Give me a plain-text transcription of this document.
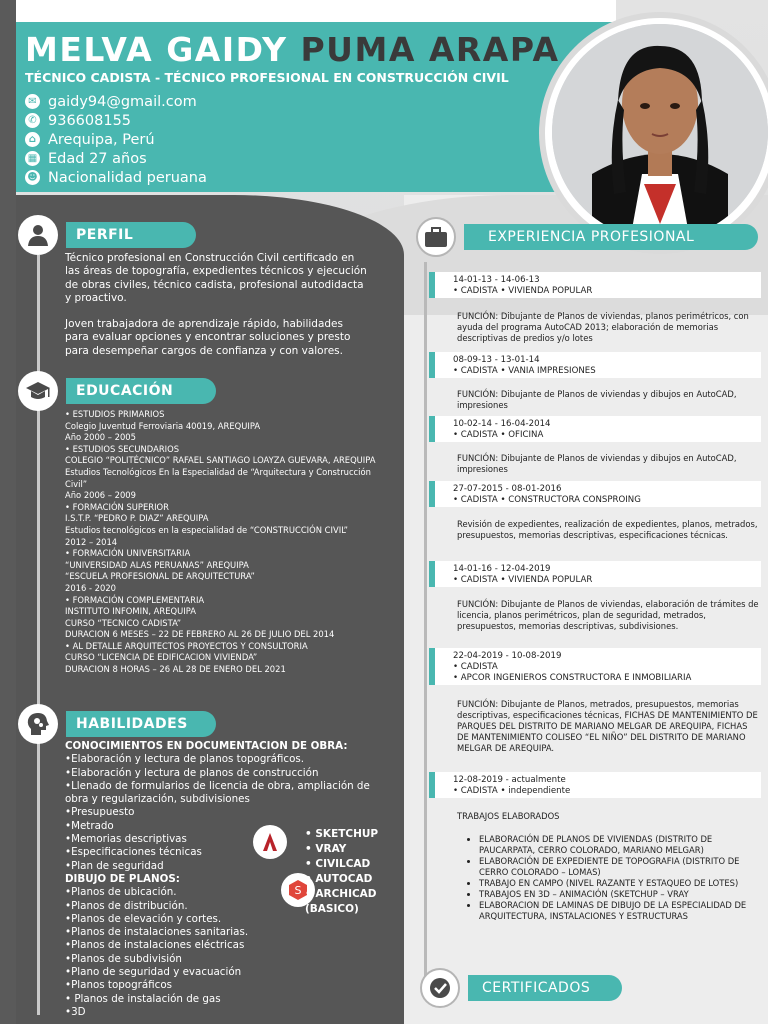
MELVA GAIDY PUMA ARAPA
TÉCNICO CADISTA - TÉCNICO PROFESIONAL EN CONSTRUCCIÓN CIVIL
✉ gaidy94@gmail.com
✆ 936608155
⌂ Arequipa, Perú
▦ Edad 27 años
☻ Nacionalidad peruana
PERFIL
Técnico profesional en Construcción Civil certificado en las áreas de topografía, expedientes técnicos y ejecución de obras civiles, técnico cadista, profesional autodidacta y proactivo.
Joven trabajadora de aprendizaje rápido, habilidades para evaluar opciones y encontrar soluciones y presto para desempeñar cargos de confianza y con valores.
EDUCACIÓN
• ESTUDIOS PRIMARIOS
Colegio Juventud Ferroviaria 40019, AREQUIPA
Año 2000 – 2005
• ESTUDIOS SECUNDARIOS
COLEGIO “POLITÉCNICO” RAFAEL SANTIAGO LOAYZA GUEVARA, AREQUIPA
Estudios Tecnológicos En la Especialidad de “Arquitectura y Construcción Civil”
Año 2006 – 2009
• FORMACIÓN SUPERIOR
I.S.T.P. “PEDRO P. DIAZ” AREQUIPA
Estudios tecnológicos en la especialidad de “CONSTRUCCIÓN CIVIL”
2012 – 2014
• FORMACIÓN UNIVERSITARIA
“UNIVERSIDAD ALAS PERUANAS” AREQUIPA
“ESCUELA PROFESIONAL DE ARQUITECTURA”
2016 - 2020
• FORMACIÓN COMPLEMENTARIA
INSTITUTO INFOMIN, AREQUIPA
CURSO “TECNICO CADISTA”
DURACION 6 MESES – 22 DE FEBRERO AL 26 DE JULIO DEL 2014
• AL DETALLE ARQUITECTOS PROYECTOS Y CONSULTORIA
CURSO “LICENCIA DE EDIFICACION VIVIENDA”
DURACION 8 HORAS – 26 AL 28 DE ENERO DEL 2021
HABILIDADES
CONOCIMIENTOS EN DOCUMENTACION DE OBRA:
•Elaboración y lectura de planos topográficos.
•Elaboración y lectura de planos de construcción
•Llenado de formularios de licencia de obra, ampliación de obra y regularización, subdivisiones
•Presupuesto
•Metrado
•Memorias descriptivas
•Especificaciones técnicas
•Plan de seguridad
DIBUJO DE PLANOS:
•Planos de ubicación.
•Planos de distribución.
•Planos de elevación y cortes.
•Planos de instalaciones sanitarias.
•Planos de instalaciones eléctricas
•Planos de subdivisión
•Plano de seguridad y evacuación
•Planos topográficos
• Planos de instalación de gas
•3D
S
• SKETCHUP
• VRAY
• CIVILCAD
• AUTOCAD
• ARCHICAD
(BASICO)
EXPERIENCIA PROFESIONAL
14-01-13 - 14-06-13
• CADISTA • VIVIENDA POPULAR
FUNCIÓN: Dibujante de Planos de viviendas, planos perimétricos, con ayuda del programa AutoCAD 2013; elaboración de memorias descriptivas de predios y/o lotes
08-09-13 - 13-01-14
• CADISTA • VANIA IMPRESIONES
FUNCIÓN: Dibujante de Planos de viviendas y dibujos en AutoCAD, impresiones
10-02-14 - 16-04-2014
• CADISTA • OFICINA
FUNCIÓN: Dibujante de Planos de viviendas y dibujos en AutoCAD, impresiones
27-07-2015 - 08-01-2016
• CADISTA • CONSTRUCTORA CONSPROING
Revisión de expedientes, realización de expedientes, planos, metrados, presupuestos, memorias descriptivas, especificaciones técnicas.
14-01-16 - 12-04-2019
• CADISTA • VIVIENDA POPULAR
FUNCIÓN: Dibujante de Planos de viviendas, elaboración de trámites de licencia, planos perimétricos, plan de seguridad, metrados, presupuestos, memorias descriptivas, subdivisiones.
22-04-2019 - 10-08-2019
• CADISTA
• APCOR INGENIEROS CONSTRUCTORA E INMOBILIARIA
FUNCIÓN: Dibujante de Planos, metrados, presupuestos, memorias descriptivas, especificaciones técnicas, FICHAS DE MANTENIMIENTO DE PARQUES DEL DISTRITO DE MARIANO MELGAR DE AREQUIPA, FICHAS DE MANTENIMIENTO COLISEO “EL NIÑO” DEL DISTRITO DE MARIANO MELGAR DE AREQUIPA.
12-08-2019 - actualmente
• CADISTA • independiente
TRABAJOS ELABORADOS
• ELABORACIÓN DE PLANOS DE VIVIENDAS (DISTRITO DE PAUCARPATA, CERRO COLORADO, MARIANO MELGAR)
• ELABORACIÓN DE EXPEDIENTE DE TOPOGRAFIA (DISTRITO DE CERRO COLORADO – LOMAS)
• TRABAJO EN CAMPO (NIVEL RAZANTE Y ESTAQUEO DE LOTES)
• TRABAJOS EN 3D – ANIMACIÓN (SKETCHUP – VRAY
• ELABORACION DE LAMINAS DE DIBUJO DE LA ESPECIALIDAD DE ARQUITECTURA, INSTALACIONES Y ESTRUCTURAS
CERTIFICADOS
